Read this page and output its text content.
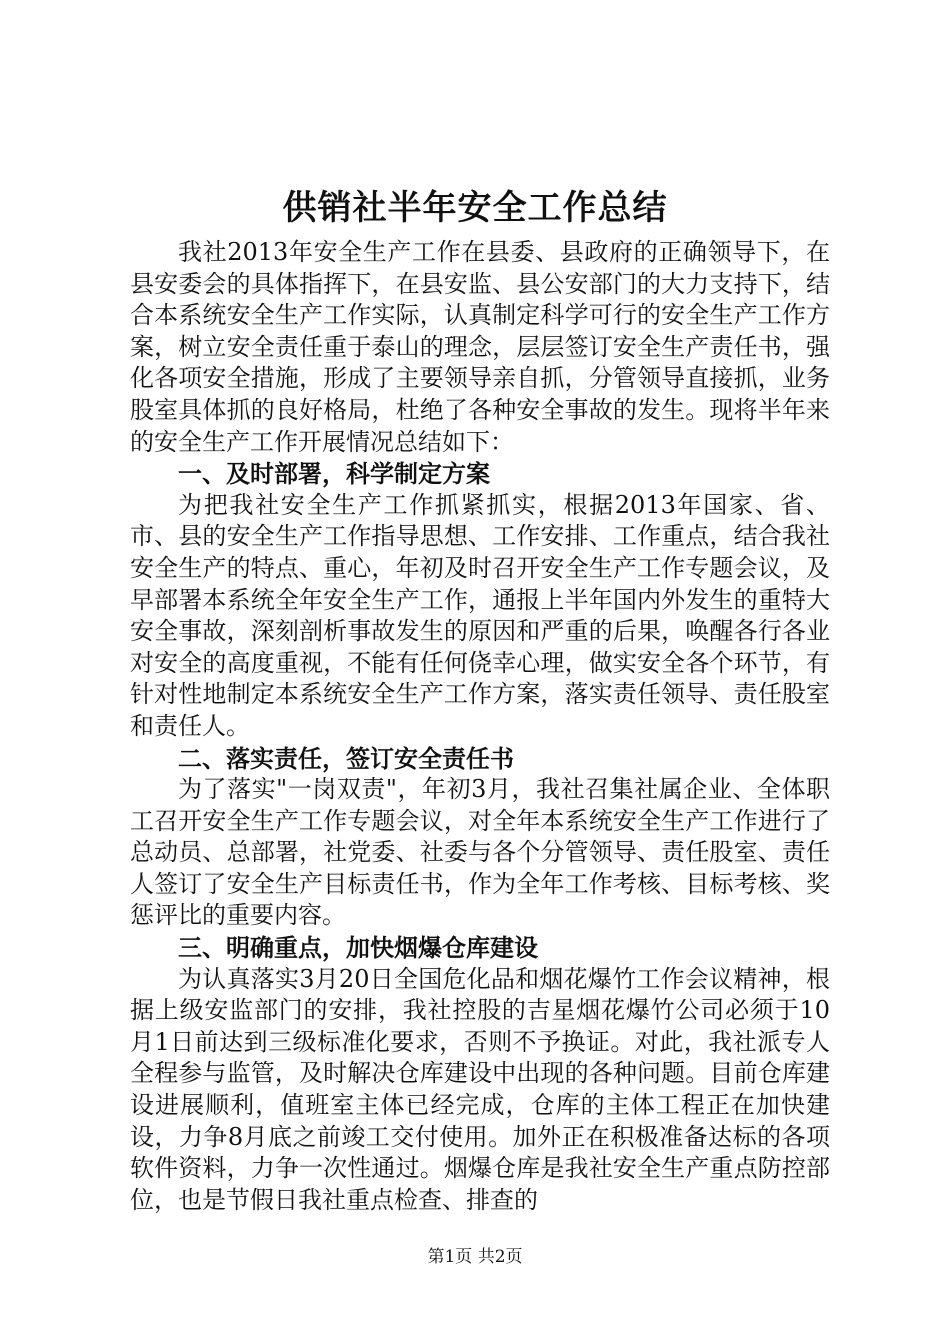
供销社半年安全工作总结

我社2013年安全生产工作在县委、县政府的正确领导下，在县安委会的具体指挥下，在县安监、县公安部门的大力支持下，结合本系统安全生产工作实际，认真制定科学可行的安全生产工作方案，树立安全责任重于泰山的理念，层层签订安全生产责任书，强化各项安全措施，形成了主要领导亲自抓，分管领导直接抓，业务股室具体抓的良好格局，杜绝了各种安全事故的发生。现将半年来的安全生产工作开展情况总结如下：

一、及时部署，科学制定方案

为把我社安全生产工作抓紧抓实，根据2013年国家、省、市、县的安全生产工作指导思想、工作安排、工作重点，结合我社安全生产的特点、重心，年初及时召开安全生产工作专题会议，及早部署本系统全年安全生产工作，通报上半年国内外发生的重特大安全事故，深刻剖析事故发生的原因和严重的后果，唤醒各行各业对安全的高度重视，不能有任何侥幸心理，做实安全各个环节，有针对性地制定本系统安全生产工作方案，落实责任领导、责任股室和责任人。

二、落实责任，签订安全责任书

为了落实"一岗双责"，年初3月，我社召集社属企业、全体职工召开安全生产工作专题会议，对全年本系统安全生产工作进行了总动员、总部署，社党委、社委与各个分管领导、责任股室、责任人签订了安全生产目标责任书，作为全年工作考核、目标考核、奖惩评比的重要内容。

三、明确重点，加快烟爆仓库建设

为认真落实3月20日全国危化品和烟花爆竹工作会议精神，根据上级安监部门的安排，我社控股的吉星烟花爆竹公司必须于10月1日前达到三级标准化要求，否则不予换证。对此，我社派专人全程参与监管，及时解决仓库建设中出现的各种问题。目前仓库建设进展顺利，值班室主体已经完成，仓库的主体工程正在加快建设，力争8月底之前竣工交付使用。加外正在积极准备达标的各项软件资料，力争一次性通过。烟爆仓库是我社安全生产重点防控部位，也是节假日我社重点检查、排查的

第1页 共2页
